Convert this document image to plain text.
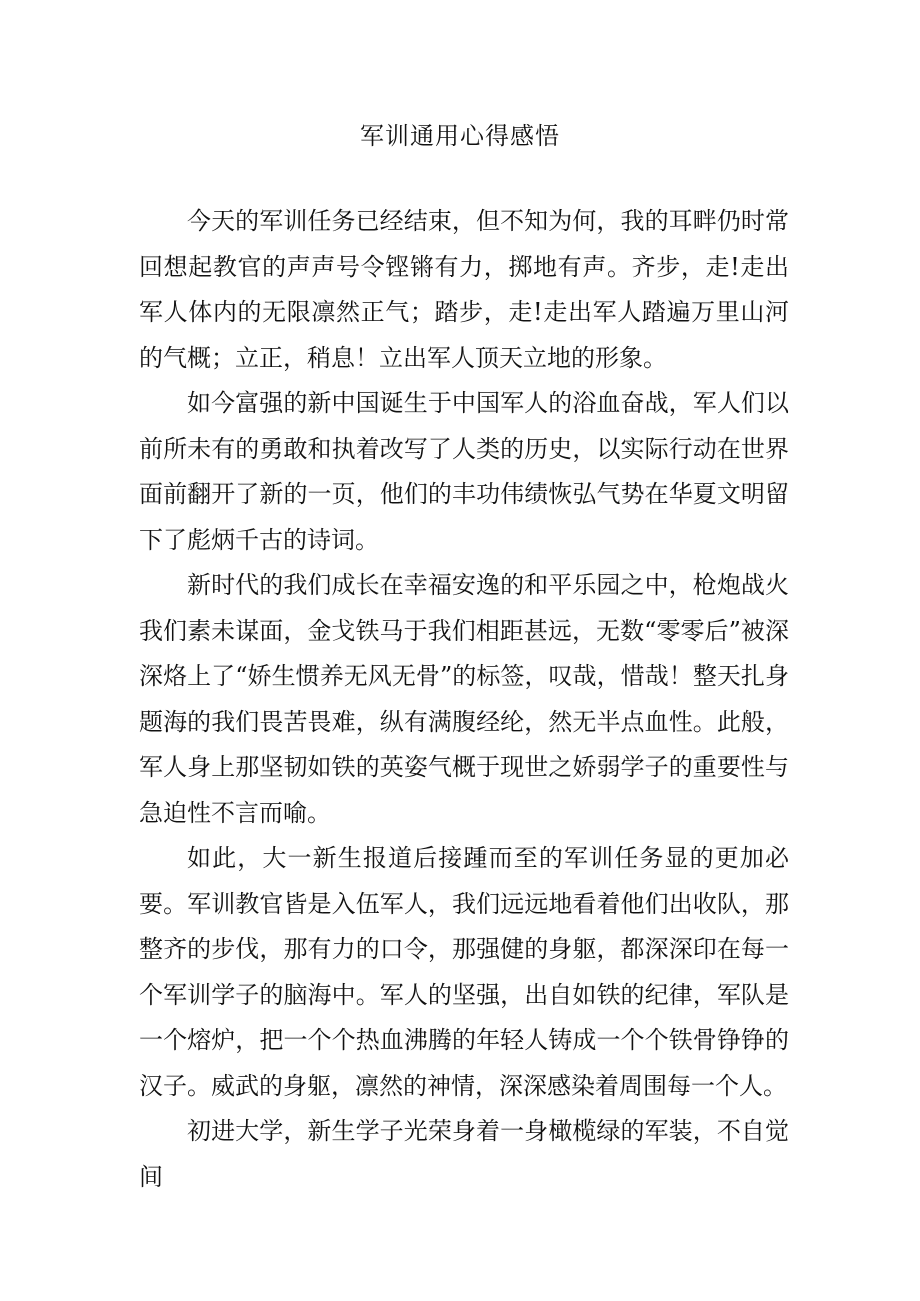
军训通用心得感悟

今天的军训任务已经结束，但不知为何，我的耳畔仍时常回想起教官的声声号令铿锵有力，掷地有声。齐步，走!走出军人体内的无限凛然正气；踏步，走!走出军人踏遍万里山河的气概；立正，稍息！立出军人顶天立地的形象。

如今富强的新中国诞生于中国军人的浴血奋战，军人们以前所未有的勇敢和执着改写了人类的历史，以实际行动在世界面前翻开了新的一页，他们的丰功伟绩恢弘气势在华夏文明留下了彪炳千古的诗词。

新时代的我们成长在幸福安逸的和平乐园之中，枪炮战火我们素未谋面，金戈铁马于我们相距甚远，无数“零零后”被深深烙上了“娇生惯养无风无骨”的标签，叹哉，惜哉！整天扎身题海的我们畏苦畏难，纵有满腹经纶，然无半点血性。此般，军人身上那坚韧如铁的英姿气概于现世之娇弱学子的重要性与急迫性不言而喻。

如此，大一新生报道后接踵而至的军训任务显的更加必要。军训教官皆是入伍军人，我们远远地看着他们出收队，那整齐的步伐，那有力的口令，那强健的身躯，都深深印在每一个军训学子的脑海中。军人的坚强，出自如铁的纪律，军队是一个熔炉，把一个个热血沸腾的年轻人铸成一个个铁骨铮铮的汉子。威武的身躯，凛然的神情，深深感染着周围每一个人。

初进大学，新生学子光荣身着一身橄榄绿的军装，不自觉间
